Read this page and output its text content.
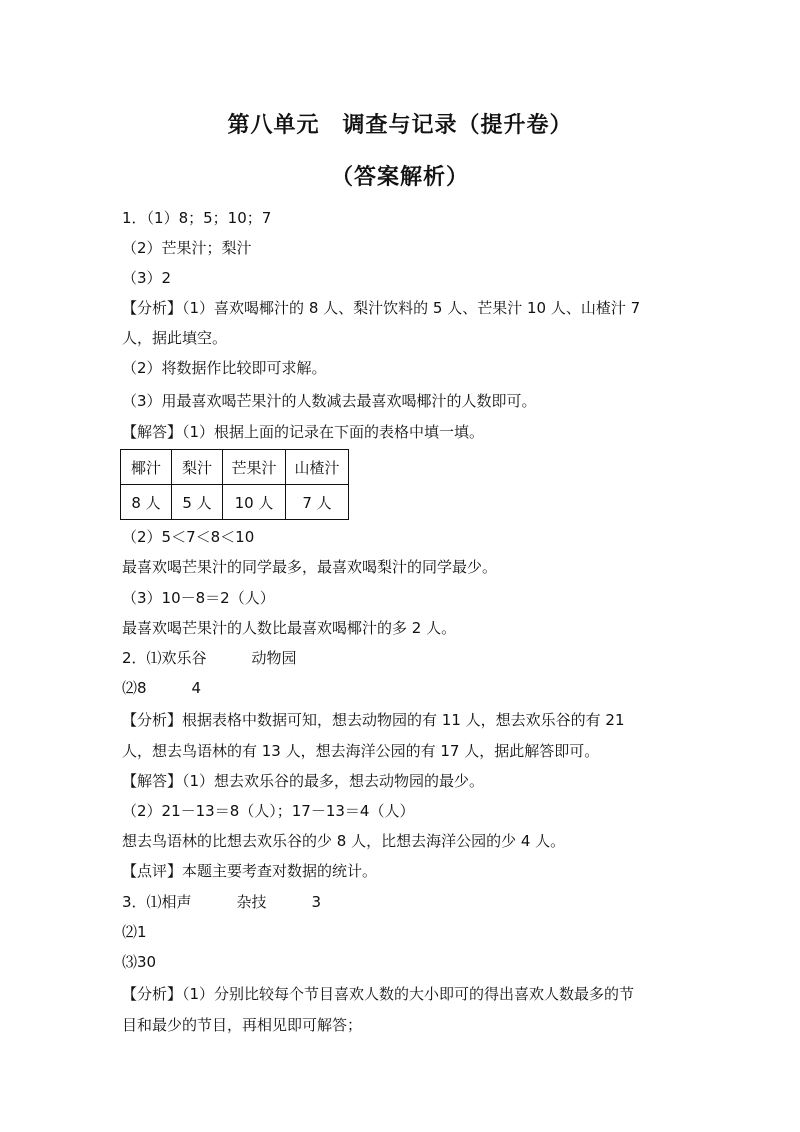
第八单元　调查与记录（提升卷）
（答案解析）
1．（1）8；5；10；7
（2）芒果汁；梨汁
（3）2
【分析】（1）喜欢喝椰汁的 8 人、梨汁饮料的 5 人、芒果汁 10 人、山楂汁 7
人，据此填空。
（2）将数据作比较即可求解。
（3）用最喜欢喝芒果汁的人数减去最喜欢喝椰汁的人数即可。
【解答】（1）根据上面的记录在下面的表格中填一填。
椰汁	梨汁	芒果汁	山楂汁
8 人	5 人	10 人	7 人
（2）5＜7＜8＜10
最喜欢喝芒果汁的同学最多，最喜欢喝梨汁的同学最少。
（3）10－8＝2（人）
最喜欢喝芒果汁的人数比最喜欢喝椰汁的多 2 人。
2．⑴欢乐谷　　　动物园
⑵8　　　4
【分析】根据表格中数据可知，想去动物园的有 11 人，想去欢乐谷的有 21
人，想去鸟语林的有 13 人，想去海洋公园的有 17 人，据此解答即可。
【解答】（1）想去欢乐谷的最多，想去动物园的最少。
（2）21－13＝8（人）；17－13＝4（人）
想去鸟语林的比想去欢乐谷的少 8 人，比想去海洋公园的少 4 人。
【点评】本题主要考查对数据的统计。
3．⑴相声　　　杂技　　　3
⑵1
⑶30
【分析】（1）分别比较每个节目喜欢人数的大小即可的得出喜欢人数最多的节
目和最少的节目，再相见即可解答；
